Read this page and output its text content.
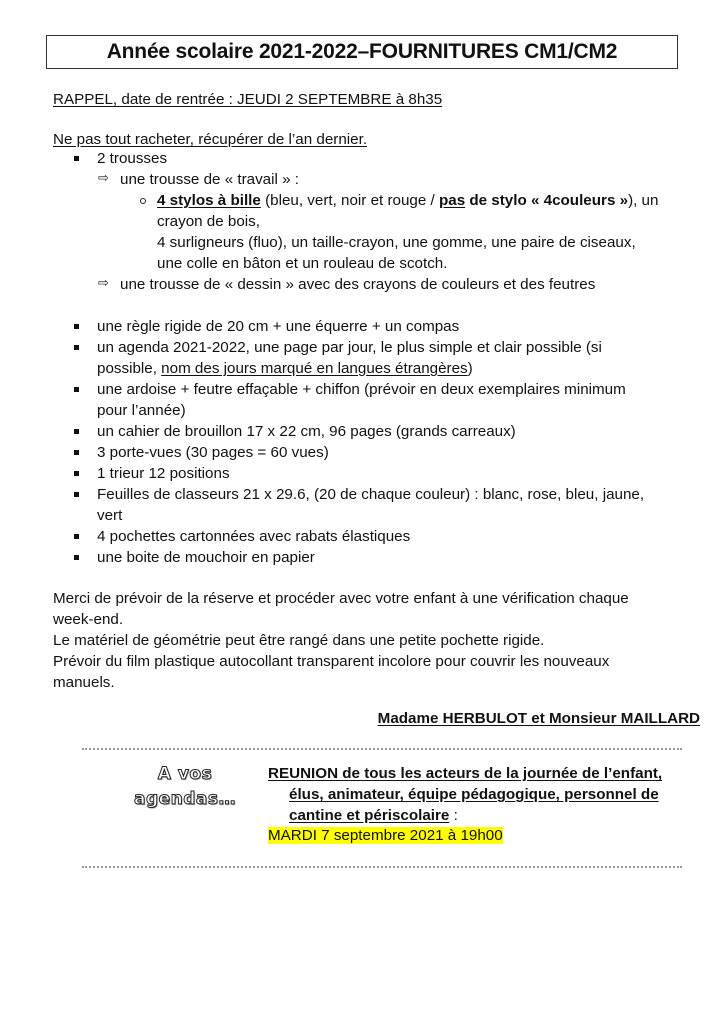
Année scolaire 2021-2022–FOURNITURES CM1/CM2
RAPPEL, date de rentrée : JEUDI 2 SEPTEMBRE à 8h35
Ne pas tout racheter, récupérer de l’an dernier.
2 trousses
⇨ une trousse de « travail » :
4 stylos à bille (bleu, vert, noir et rouge / pas de stylo « 4couleurs »), un
crayon de bois,
4 surligneurs (fluo), un taille-crayon, une gomme, une paire de ciseaux,
une colle en bâton et un rouleau de scotch.
⇨ une trousse de « dessin » avec des crayons de couleurs et des feutres
une règle rigide de 20 cm + une équerre + un compas
un agenda 2021-2022, une page par jour, le plus simple et clair possible (si
possible, nom des jours marqué en langues étrangères)
une ardoise + feutre effaçable + chiffon (prévoir en deux exemplaires minimum
pour l’année)
un cahier de brouillon 17 x 22 cm, 96 pages (grands carreaux)
3 porte-vues (30 pages = 60 vues)
1 trieur 12 positions
Feuilles de classeurs 21 x 29.6, (20 de chaque couleur) : blanc, rose, bleu, jaune,
vert
4 pochettes cartonnées avec rabats élastiques
une boite de mouchoir en papier
Merci de prévoir de la réserve et procéder avec votre enfant à une vérification chaque
week-end.
Le matériel de géométrie peut être rangé dans une petite pochette rigide.
Prévoir du film plastique autocollant transparent incolore pour couvrir les nouveaux
manuels.
Madame HERBULOT et Monsieur MAILLARD
A vos
agendas…
REUNION de tous les acteurs de la journée de l’enfant,
élus, animateur, équipe pédagogique, personnel de
cantine et périscolaire :
MARDI 7 septembre 2021 à 19h00
